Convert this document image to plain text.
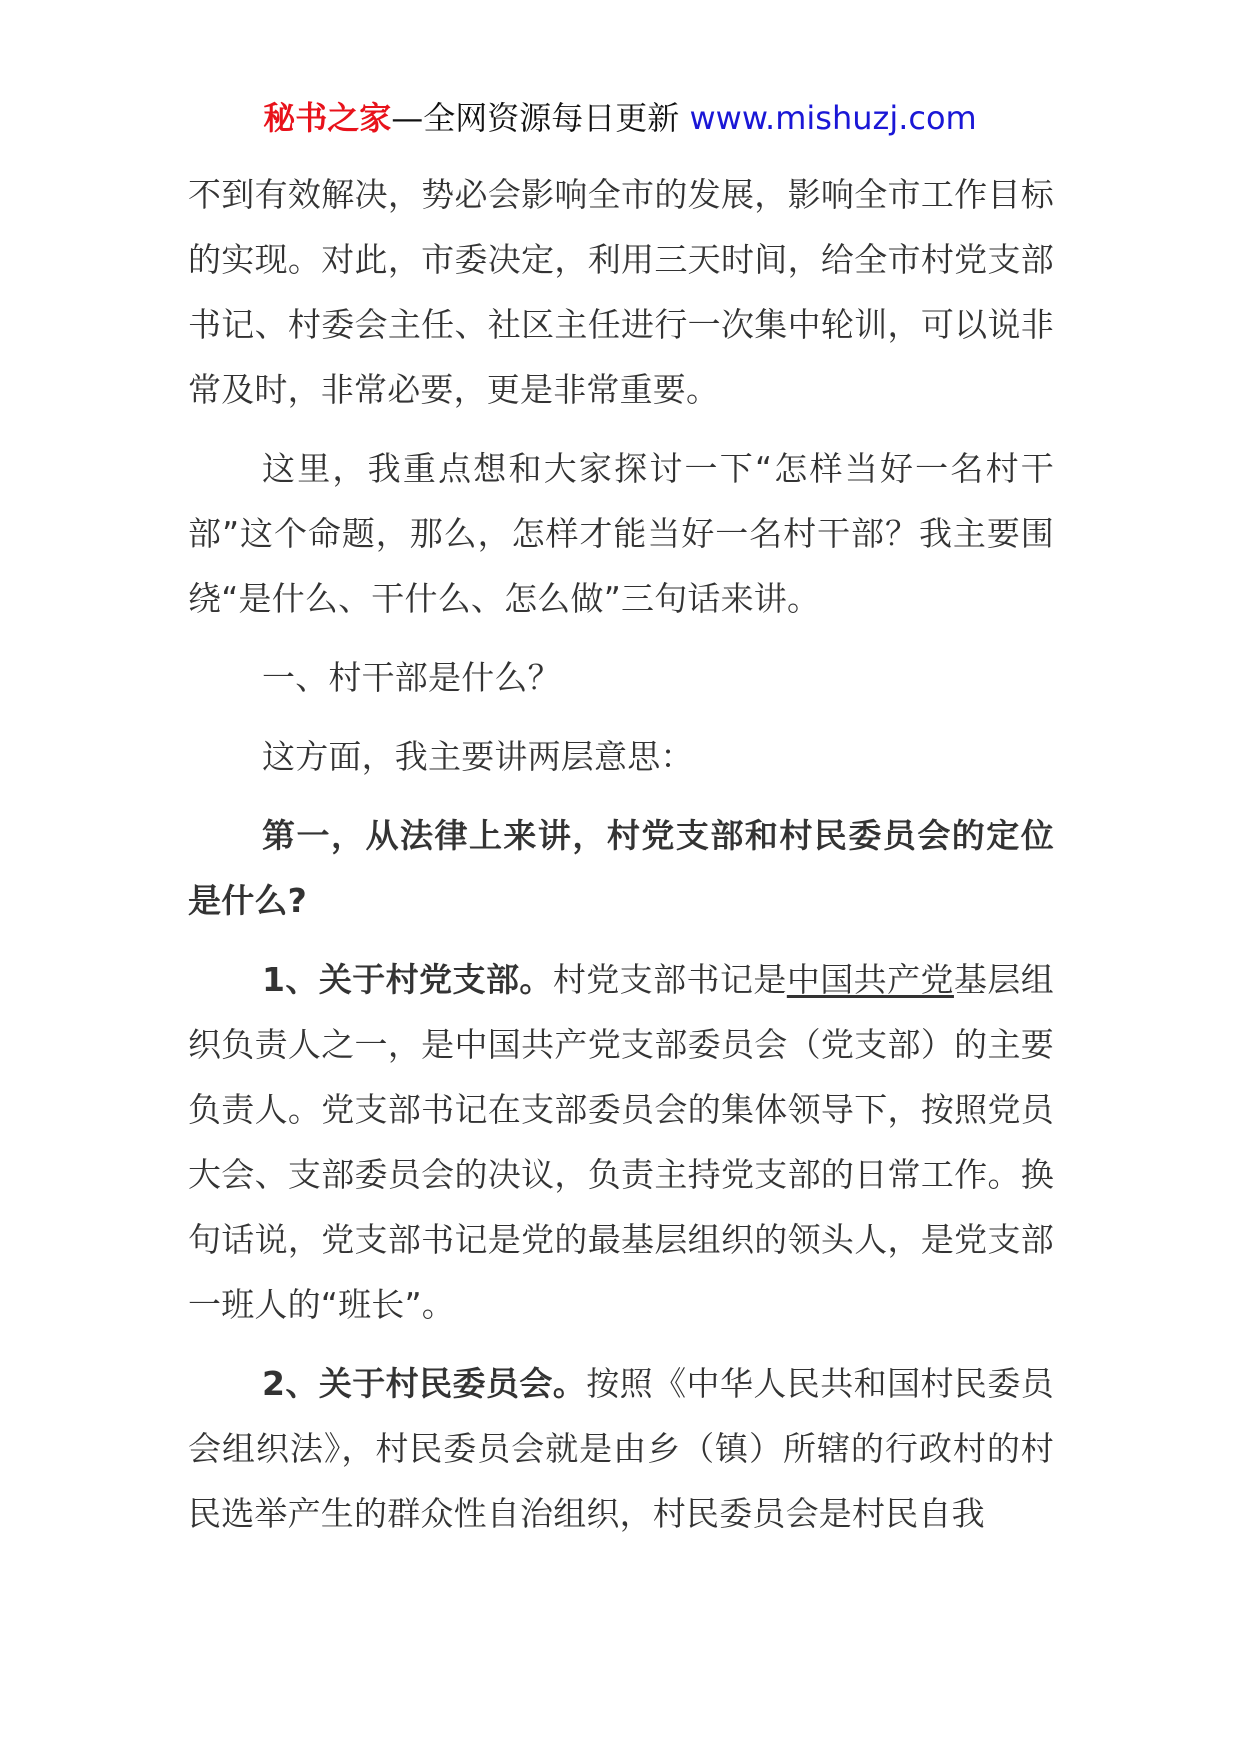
秘书之家—全网资源每日更新 www.mishuzj.com

不到有效解决，势必会影响全市的发展，影响全市工作目标的实现。对此，市委决定，利用三天时间，给全市村党支部书记、村委会主任、社区主任进行一次集中轮训，可以说非常及时，非常必要，更是非常重要。

这里，我重点想和大家探讨一下“怎样当好一名村干部”这个命题，那么，怎样才能当好一名村干部？我主要围绕“是什么、干什么、怎么做”三句话来讲。

一、村干部是什么？

这方面，我主要讲两层意思：

第一，从法律上来讲，村党支部和村民委员会的定位是什么?

1、关于村党支部。村党支部书记是中国共产党基层组织负责人之一，是中国共产党支部委员会（党支部）的主要负责人。党支部书记在支部委员会的集体领导下，按照党员大会、支部委员会的决议，负责主持党支部的日常工作。换句话说，党支部书记是党的最基层组织的领头人，是党支部一班人的“班长”。

2、关于村民委员会。按照《中华人民共和国村民委员会组织法》，村民委员会就是由乡（镇）所辖的行政村的村民选举产生的群众性自治组织，村民委员会是村民自我
